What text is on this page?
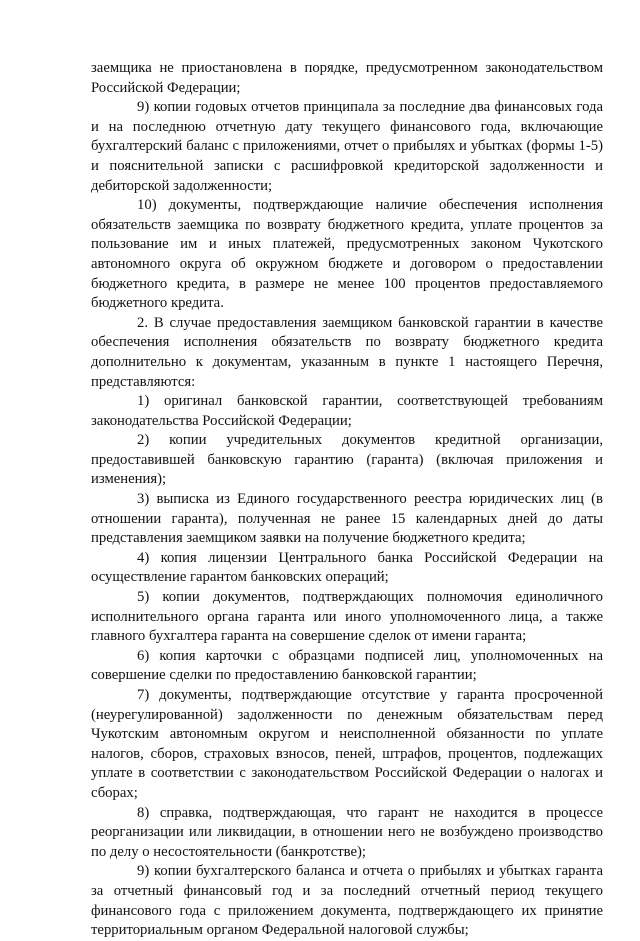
заемщика не приостановлена в порядке, предусмотренном законодательством Российской Федерации;

9) копии годовых отчетов принципала за последние два финансовых года и на последнюю отчетную дату текущего финансового года, включающие бухгалтерский баланс с приложениями, отчет о прибылях и убытках (формы 1-5) и пояснительной записки с расшифровкой кредиторской задолженности и дебиторской задолженности;

10) документы, подтверждающие наличие обеспечения исполнения обязательств заемщика по возврату бюджетного кредита, уплате процентов за пользование им и иных платежей, предусмотренных законом Чукотского автономного округа об окружном бюджете и договором о предоставлении бюджетного кредита, в размере не менее 100 процентов предоставляемого бюджетного кредита.

2. В случае предоставления заемщиком банковской гарантии в качестве обеспечения исполнения обязательств по возврату бюджетного кредита дополнительно к документам, указанным в пункте 1 настоящего Перечня, представляются:

1) оригинал банковской гарантии, соответствующей требованиям законодательства Российской Федерации;

2) копии учредительных документов кредитной организации, предоставившей банковскую гарантию (гаранта) (включая приложения и изменения);

3) выписка из Единого государственного реестра юридических лиц (в отношении гаранта), полученная не ранее 15 календарных дней до даты представления заемщиком заявки на получение бюджетного кредита;

4) копия лицензии Центрального банка Российской Федерации на осуществление гарантом банковских операций;

5) копии документов, подтверждающих полномочия единоличного исполнительного органа гаранта или иного уполномоченного лица, а также главного бухгалтера гаранта на совершение сделок от имени гаранта;

6) копия карточки с образцами подписей лиц, уполномоченных на совершение сделки по предоставлению банковской гарантии;

7) документы, подтверждающие отсутствие у гаранта просроченной (неурегулированной) задолженности по денежным обязательствам перед Чукотским автономным округом и неисполненной обязанности по уплате налогов, сборов, страховых взносов, пеней, штрафов, процентов, подлежащих уплате в соответствии с законодательством Российской Федерации о налогах и сборах;

8) справка, подтверждающая, что гарант не находится в процессе реорганизации или ликвидации, в отношении него не возбуждено производство по делу о несостоятельности (банкротстве);

9) копии бухгалтерского баланса и отчета о прибылях и убытках гаранта за отчетный финансовый год и за последний отчетный период текущего финансового года с приложением документа, подтверждающего их принятие территориальным органом Федеральной налоговой службы;
